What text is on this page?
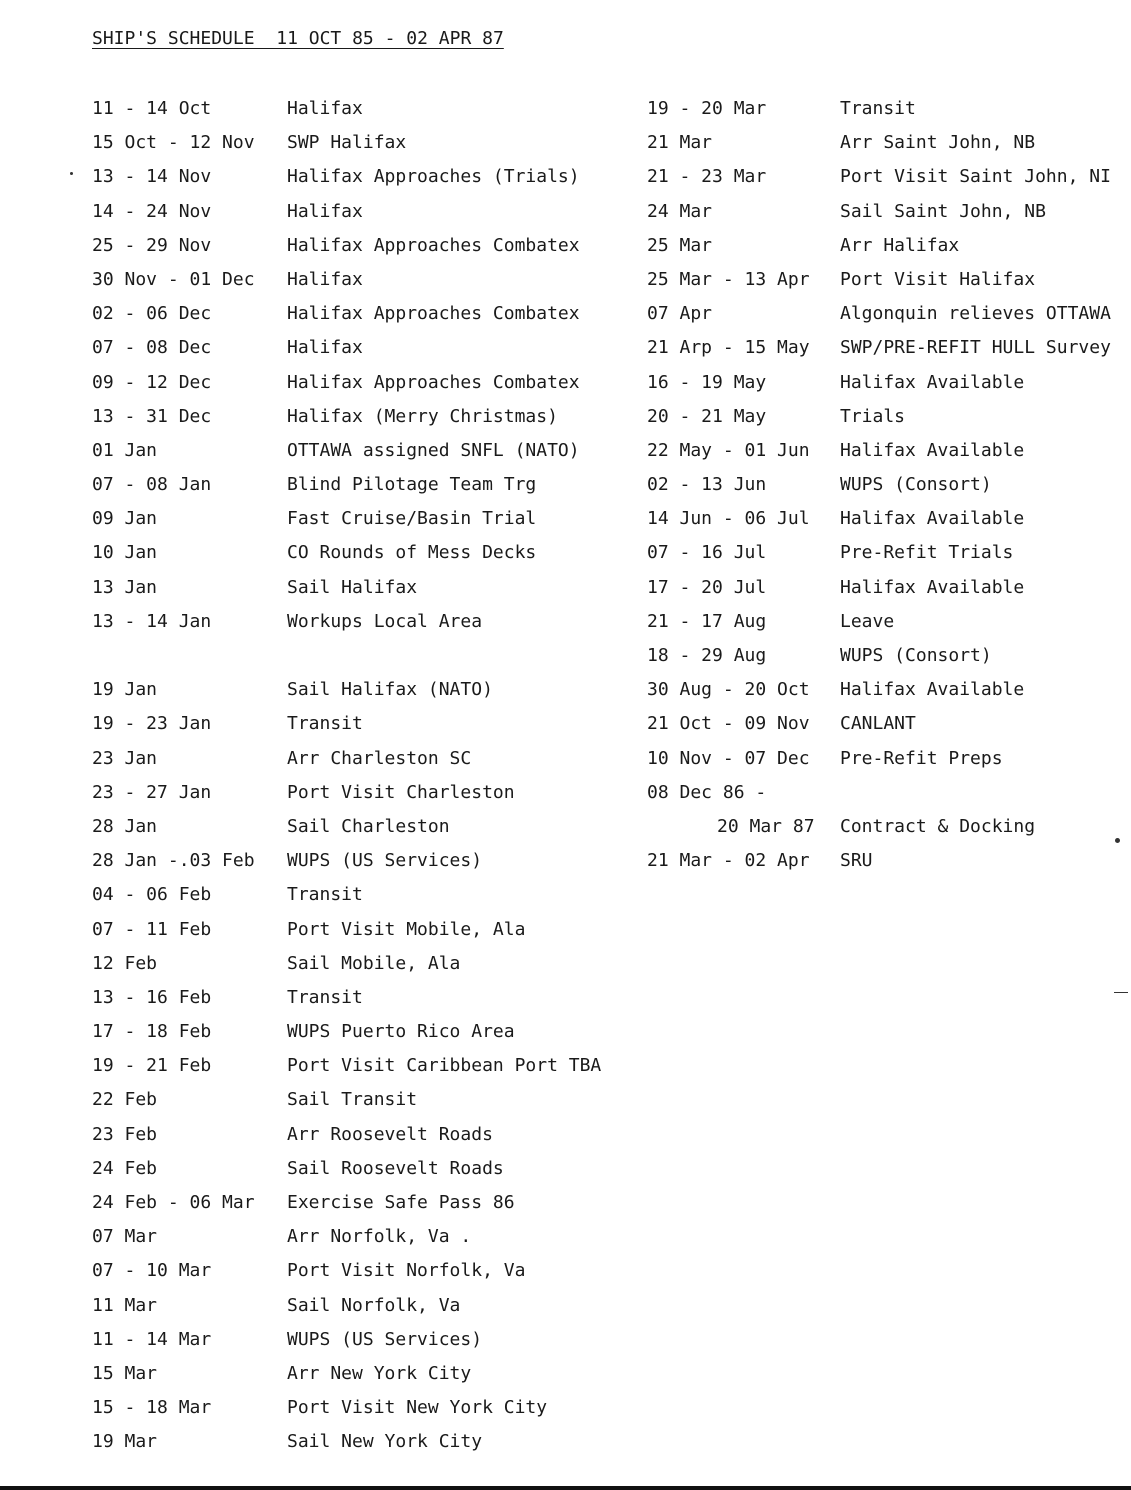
SHIP'S SCHEDULE  11 OCT 85 - 02 APR 87
11 - 14 Oct	Halifax
15 Oct - 12 Nov SWP Halifax
13 - 14 Nov	Halifax Approaches (Trials)
14 - 24 Nov	Halifax
25 - 29 Nov	Halifax Approaches Combatex
30 Nov - 01 Dec Halifax
02 - 06 Dec	Halifax Approaches Combatex
07 - 08 Dec	Halifax
09 - 12 Dec	Halifax Approaches Combatex
13 - 31 Dec	Halifax (Merry Christmas)
01 Jan	OTTAWA assigned SNFL (NATO)
07 - 08 Jan	Blind Pilotage Team Trg
09 Jan	Fast Cruise/Basin Trial
10 Jan	CO Rounds of Mess Decks
13 Jan	Sail Halifax
13 - 14 Jan	Workups Local Area
19 Jan	Sail Halifax (NATO)
19 - 23 Jan	Transit
23 Jan	Arr Charleston SC
23 - 27 Jan	Port Visit Charleston
28 Jan	Sail Charleston
28 Jan -.03 Feb WUPS (US Services)
04 - 06 Feb	Transit
07 - 11 Feb	Port Visit Mobile, Ala
12 Feb	Sail Mobile, Ala
13 - 16 Feb	Transit
17 - 18 Feb	WUPS Puerto Rico Area
19 - 21 Feb	Port Visit Caribbean Port TBA
22 Feb	Sail Transit
23 Feb	Arr Roosevelt Roads
24 Feb	Sail Roosevelt Roads
24 Feb - 06 Mar Exercise Safe Pass 86
07 Mar	Arr Norfolk, Va .
07 - 10 Mar	Port Visit Norfolk, Va
11 Mar	Sail Norfolk, Va
11 - 14 Mar	WUPS (US Services)
15 Mar	Arr New York City
15 - 18 Mar	Port Visit New York City
19 Mar	Sail New York City
19 - 20 Mar	Transit
21 Mar	Arr Saint John, NB
21 - 23 Mar	Port Visit Saint John, NI
24 Mar	Sail Saint John, NB
25 Mar	Arr Halifax
25 Mar - 13 Apr Port Visit Halifax
07 Apr	Algonquin relieves OTTAWA
21 Arp - 15 May SWP/PRE-REFIT HULL Survey
16 - 19 May	Halifax Available
20 - 21 May	Trials
22 May - 01 Jun Halifax Available
02 - 13 Jun	WUPS (Consort)
14 Jun - 06 Jul Halifax Available
07 - 16 Jul	Pre-Refit Trials
17 - 20 Jul	Halifax Available
21 - 17 Aug	Leave
18 - 29 Aug	WUPS (Consort)
30 Aug - 20 Oct Halifax Available
21 Oct - 09 Nov CANLANT
10 Nov - 07 Dec Pre-Refit Preps
08 Dec 86 -
20 Mar 87 Contract & Docking
21 Mar - 02 Apr SRU
